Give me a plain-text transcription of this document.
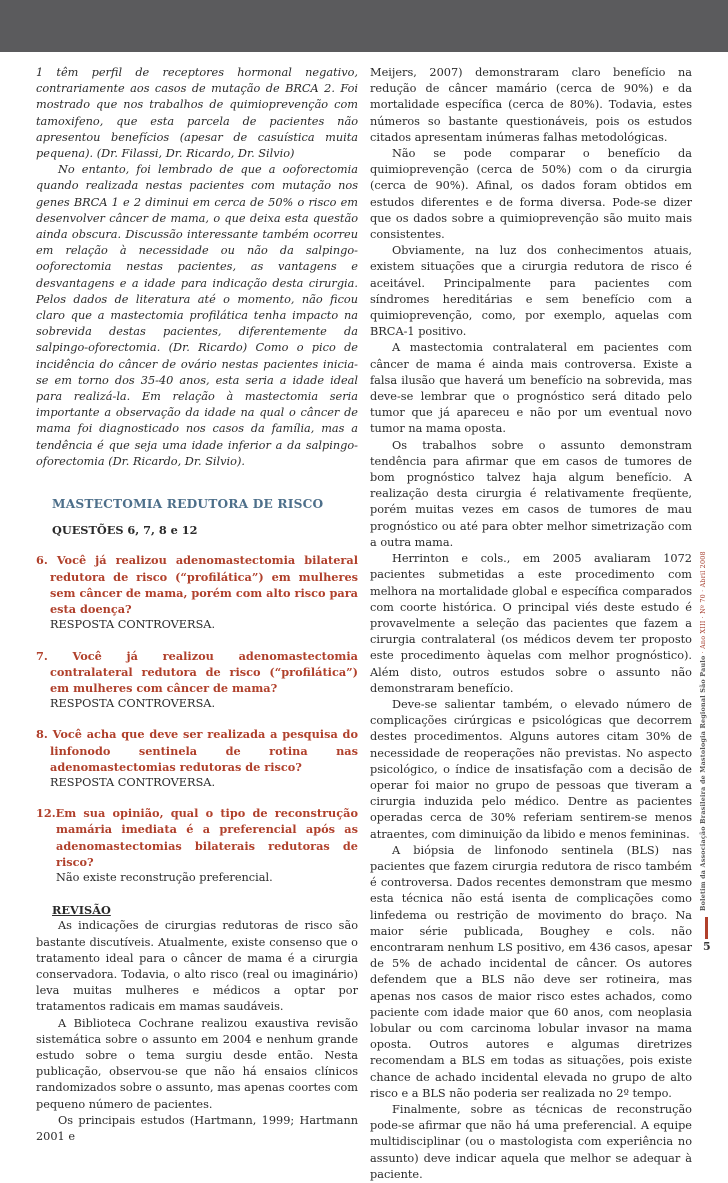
1 têm perfil de receptores hormonal negativo, contrariamente aos casos de mutação de BRCA 2. Foi mostrado que nos trabalhos de quimioprevenção com tamoxifeno, que esta parcela de pacientes não apresentou benefícios (apesar de casuística muita pequena). (Dr. Filassi, Dr. Ricardo, Dr. Silvio)

No entanto, foi lembrado de que a ooforectomia quando realizada nestas pacientes com mutação nos genes BRCA 1 e 2 diminui em cerca de 50% o risco em desenvolver câncer de mama, o que deixa esta questão ainda obscura. Discussão interessante também ocorreu em relação à necessidade ou não da salpingo-ooforectomia nestas pacientes, as vantagens e desvantagens e a idade para indicação desta cirurgia. Pelos dados de literatura até o momento, não ficou claro que a mastectomia profilática tenha impacto na sobrevida destas pacientes, diferentemente da salpingo-oforectomia. (Dr. Ricardo) Como o pico de incidência do câncer de ovário nestas pacientes inicia-se em torno dos 35-40 anos, esta seria a idade ideal para realizá-la. Em relação à mastectomia seria importante a observação da idade na qual o câncer de mama foi diagnosticado nos casos da família, mas a tendência é que seja uma idade inferior a da salpingo-oforectomia (Dr. Ricardo, Dr. Silvio).

MASTECTOMIA REDUTORA DE RISCO
QUESTÕES 6, 7, 8 e 12
6. Você já realizou adenomastectomia bilateral redutora de risco (“profilática”) em mulheres sem câncer de mama, porém com alto risco para esta doença?
RESPOSTA CONTROVERSA.
7. Você já realizou adenomastectomia contralateral redutora de risco (“profilática”) em mulheres com câncer de mama?
RESPOSTA CONTROVERSA.
8. Você acha que deve ser realizada a pesquisa do linfonodo sentinela de rotina nas adenomastectomias redutoras de risco?
RESPOSTA CONTROVERSA.
12.Em sua opinião, qual o tipo de reconstrução mamária imediata é a preferencial após as adenomastectomias bilaterais redutoras de risco?
Não existe reconstrução preferencial.
REVISÃO

As indicações de cirurgias redutoras de risco são bastante discutíveis. Atualmente, existe consenso que o tratamento ideal para o câncer de mama é a cirurgia conservadora. Todavia, o alto risco (real ou imaginário) leva muitas mulheres e médicos a optar por tratamentos radicais em mamas saudáveis.

A Biblioteca Cochrane realizou exaustiva revisão sistemática sobre o assunto em 2004 e nenhum grande estudo sobre o tema surgiu desde então. Nesta publicação, observou-se que não há ensaios clínicos randomizados sobre o assunto, mas apenas coortes com pequeno número de pacientes.

Os principais estudos (Hartmann, 1999; Hartmann 2001 e

Meijers, 2007) demonstraram claro benefício na redução de câncer mamário (cerca de 90%) e da mortalidade específica (cerca de 80%). Todavia, estes números so bastante questionáveis, pois os estudos citados apresentam inúmeras falhas metodológicas.

Não se pode comparar o benefício da quimioprevenção (cerca de 50%) com o da cirurgia (cerca de 90%). Afinal, os dados foram obtidos em estudos diferentes e de forma diversa. Pode-se dizer que os dados sobre a quimioprevenção são muito mais consistentes.

Obviamente, na luz dos conhecimentos atuais, existem situações que a cirurgia redutora de risco é aceitável. Principalmente para pacientes com síndromes hereditárias e sem benefício com a quimioprevenção, como, por exemplo, aquelas com BRCA-1 positivo.

A mastectomia contralateral em pacientes com câncer de mama é ainda mais controversa. Existe a falsa ilusão que haverá um benefício na sobrevida, mas deve-se lembrar que o prognóstico será ditado pelo tumor que já apareceu e não por um eventual novo tumor na mama oposta.

Os trabalhos sobre o assunto demonstram tendência para afirmar que em casos de tumores de bom prognóstico talvez haja algum benefício. A realização desta cirurgia é relativamente freqüente, porém muitas vezes em casos de tumores de mau prognóstico ou até para obter melhor simetrização com a outra mama.

Herrinton e cols., em 2005 avaliaram 1072 pacientes submetidas a este procedimento com melhora na mortalidade global e específica comparados com coorte histórica. O principal viés deste estudo é provavelmente a seleção das pacientes que fazem a cirurgia contralateral (os médicos devem ter proposto este procedimento àquelas com melhor prognóstico). Além disto, outros estudos sobre o assunto não demonstraram benefício.

Deve-se salientar também, o elevado número de complicações cirúrgicas e psicológicas que decorrem destes procedimentos. Alguns autores citam 30% de necessidade de reoperações não previstas. No aspecto psicológico, o índice de insatisfação com a decisão de operar foi maior no grupo de pessoas que tiveram a cirurgia induzida pelo médico. Dentre as pacientes operadas cerca de 30% referiam sentirem-se menos atraentes, com diminuição da libido e menos femininas.

A biópsia de linfonodo sentinela (BLS) nas pacientes que fazem cirurgia redutora de risco também é controversa. Dados recentes demonstram que mesmo esta técnica não está isenta de complicações como linfedema ou restrição de movimento do braço. Na maior série publicada, Boughey e cols. não encontraram nenhum LS positivo, em 436 casos, apesar de 5% de achado incidental de câncer. Os autores defendem que a BLS não deve ser rotineira, mas apenas nos casos de maior risco estes achados, como paciente com idade maior que 60 anos, com neoplasia lobular ou com carcinoma lobular invasor na mama oposta. Outros autores e algumas diretrizes recomendam a BLS em todas as situações, pois existe chance de achado incidental elevada no grupo de alto risco e a BLS não poderia ser realizada no 2º tempo.

Finalmente, sobre as técnicas de reconstrução pode-se afirmar que não há uma preferencial. A equipe multidisciplinar (ou o mastologista com experiência no assunto) deve indicar aquela que melhor se adequar à paciente.

Boletim da Associação Brasileira de Mastologia Regional São Paulo · Ano XIII · Nº 70 · Abril 2008
5
